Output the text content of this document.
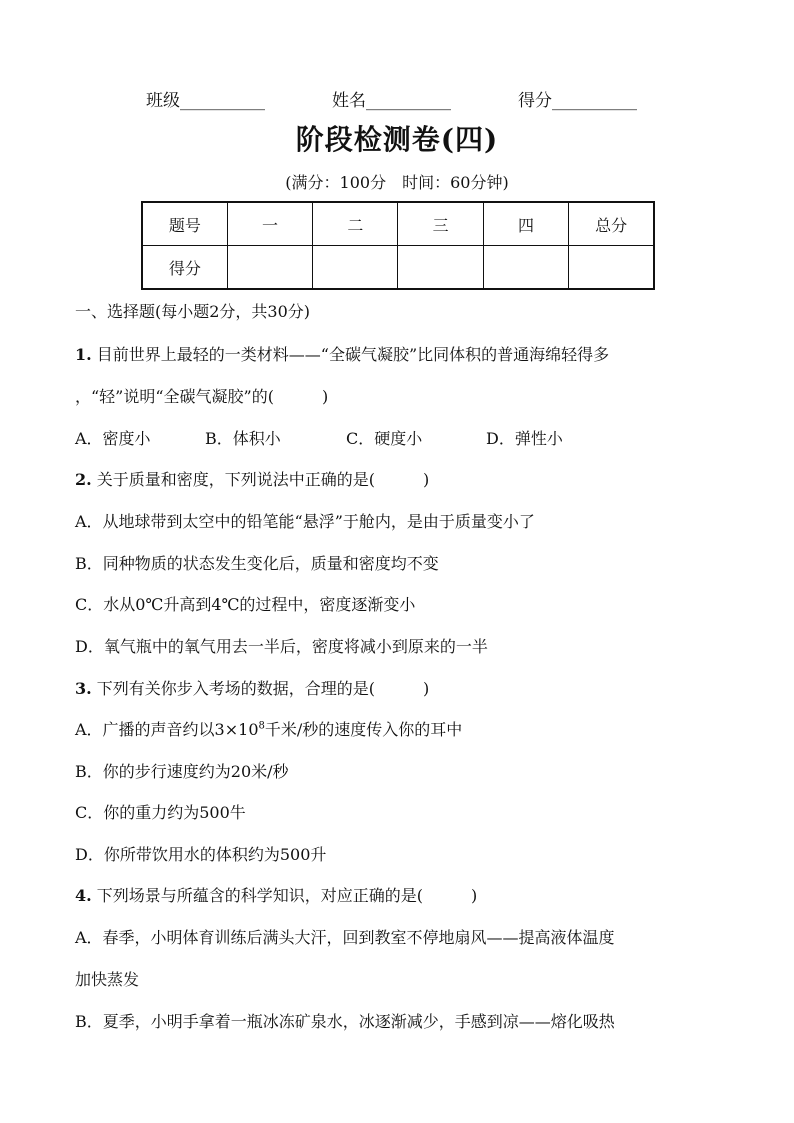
班级__________	姓名__________	得分__________
阶段检测卷(四)
(满分：100分　时间：60分钟)
题号	一	二	三	四	总分
得分					
一、选择题(每小题2分，共30分)
1. 目前世界上最轻的一类材料——“全碳气凝胶”比同体积的普通海绵轻得多
，“轻”说明“全碳气凝胶”的(　　　)
A．密度小	B．体积小	C．硬度小	D．弹性小
2. 关于质量和密度，下列说法中正确的是(　　　)
A．从地球带到太空中的铅笔能“悬浮”于舱内，是由于质量变小了
B．同种物质的状态发生变化后，质量和密度均不变
C．水从0℃升高到4℃的过程中，密度逐渐变小
D．氧气瓶中的氧气用去一半后，密度将减小到原来的一半
3. 下列有关你步入考场的数据，合理的是(　　　)
A．广播的声音约以$3\times 10^8$千米/秒的速度传入你的耳中
B．你的步行速度约为20米/秒
C．你的重力约为500牛
D．你所带饮用水的体积约为500升
4. 下列场景与所蕴含的科学知识，对应正确的是(　　　)
A．春季，小明体育训练后满头大汗，回到教室不停地扇风——提高液体温度
加快蒸发
B．夏季，小明手拿着一瓶冰冻矿泉水，冰逐渐减少，手感到凉——熔化吸热
